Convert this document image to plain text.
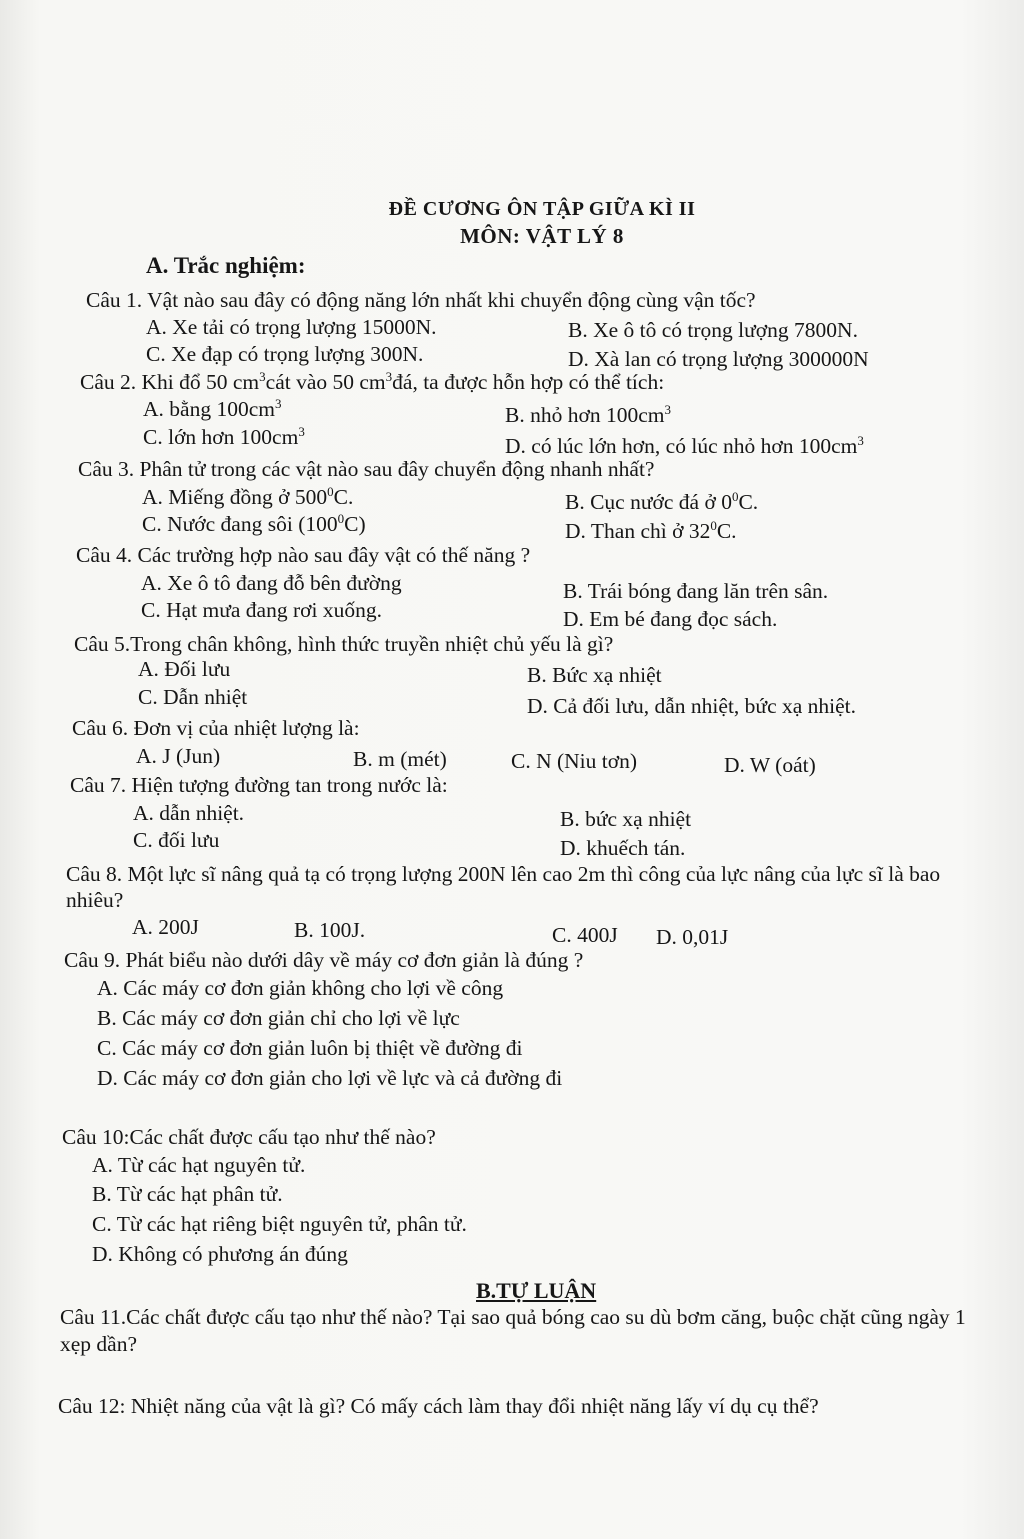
ĐỀ CƯƠNG ÔN TẬP GIỮA KÌ II
MÔN: VẬT LÝ 8
A. Trắc nghiệm:
Câu 1. Vật nào sau đây có động năng lớn nhất khi chuyển động cùng vận tốc?
A. Xe tải có trọng lượng 15000N.	B. Xe ô tô có trọng lượng 7800N.
C. Xe đạp có trọng lượng 300N.	D. Xà lan có trọng lượng 300000N
Câu 2. Khi đổ 50 $cm^3cát$ vào 50 $cm^3đá$, ta được hỗn hợp có thể tích:
A. bằng $100cm^3$	B. nhỏ hơn $100cm^3$
C. lớn hơn $100cm^3$
D. có lúc lớn hơn, có lúc nhỏ hơn $100cm^3$
Câu 3. Phân tử trong các vật nào sau đây chuyển động nhanh nhất?
A. Miếng đồng ở $500^0C$.	B. Cục nước đá ở $0^0C$.
C. Nước đang sôi $(100^0C)$	D. Than chì ở $32^0C$.
Câu 4. Các trường hợp nào sau đây vật có thế năng ?
A. Xe ô tô đang đỗ bên đường	B. Trái bóng đang lăn trên sân.
C. Hạt mưa đang rơi xuống.	D. Em bé đang đọc sách.
Câu 5.Trong chân không, hình thức truyền nhiệt chủ yếu là gì?
A. Đối lưu	B. Bức xạ nhiệt
C. Dẫn nhiệt	D. Cả đối lưu, dẫn nhiệt, bức xạ nhiệt.
Câu 6. Đơn vị của nhiệt lượng là:
A. J (Jun)	B. m (mét)	C. N (Niu tơn)	D. W (oát)
Câu 7. Hiện tượng đường tan trong nước là:
A. dẫn nhiệt.	B. bức xạ nhiệt
C. đối lưu	D. khuếch tán.
Câu 8. Một lực sĩ nâng quả tạ có trọng lượng 200N lên cao 2m thì công của lực nâng của lực sĩ là bao nhiêu?
A. 200J	B. 100J.	C. 400J D. 0,01J
Câu 9. Phát biểu nào dưới dây về máy cơ đơn giản là đúng ?
A. Các máy cơ đơn giản không cho lợi về công
B. Các máy cơ đơn giản chỉ cho lợi về lực
C. Các máy cơ đơn giản luôn bị thiệt về đường đi
D. Các máy cơ đơn giản cho lợi về lực và cả đường đi
Câu 10:Các chất được cấu tạo như thế nào?
A. Từ các hạt nguyên tử.
B. Từ các hạt phân tử.
C. Từ các hạt riêng biệt nguyên tử, phân tử.
D. Không có phương án đúng
B.TỰ LUẬN
Câu 11.Các chất được cấu tạo như thế nào? Tại sao quả bóng cao su dù bơm căng, buộc chặt cũng ngày 1 xẹp dần?
Câu 12: Nhiệt năng của vật là gì? Có mấy cách làm thay đổi nhiệt năng lấy ví dụ cụ thể?
